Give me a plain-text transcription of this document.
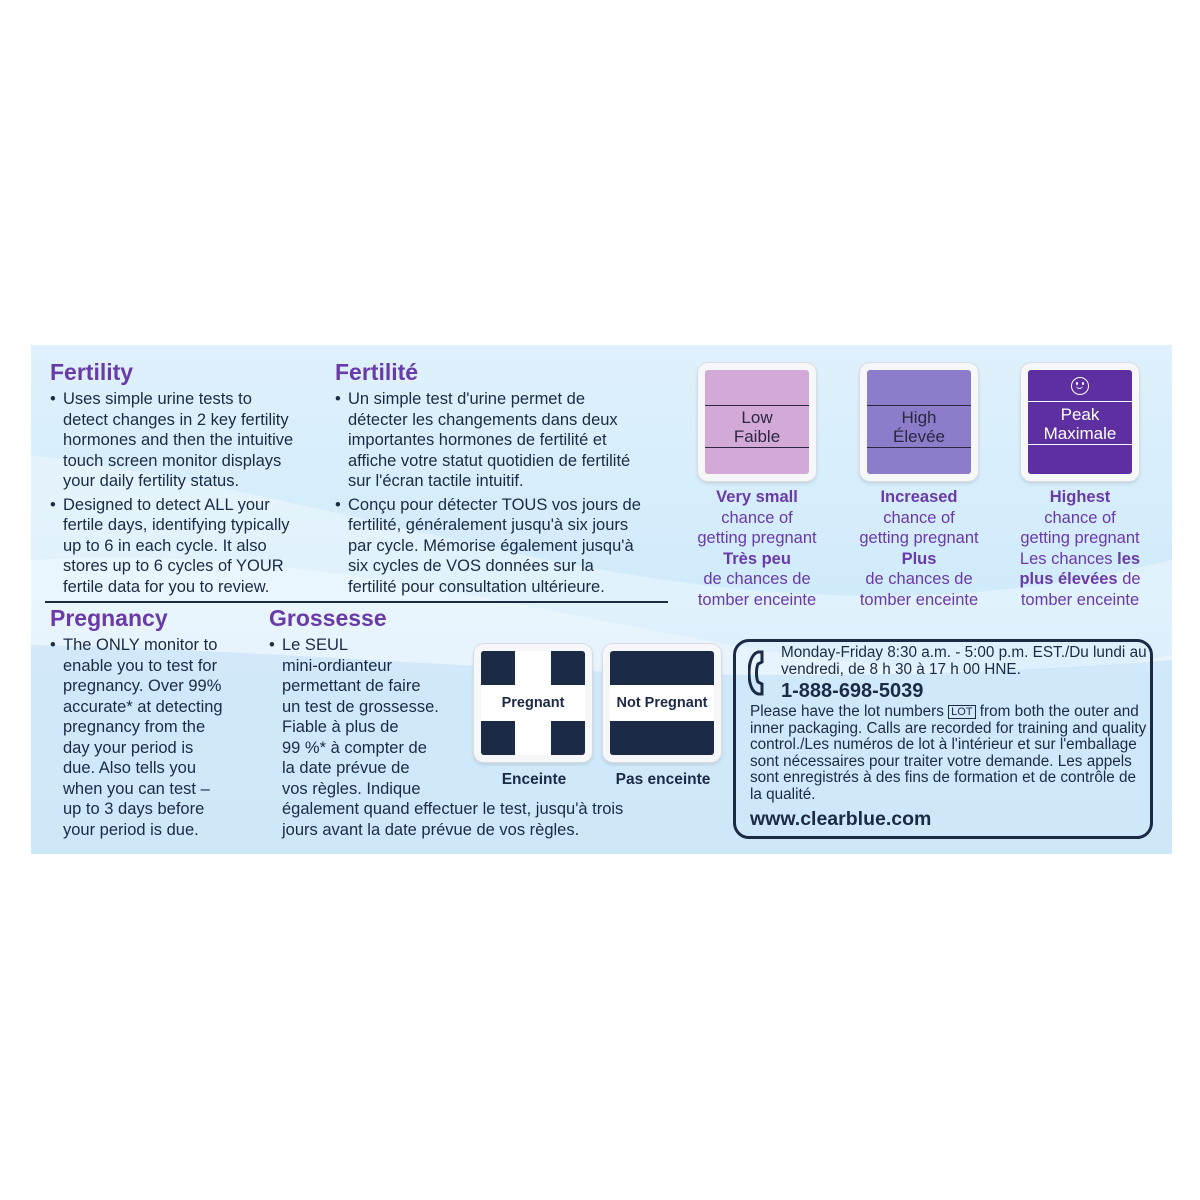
Fertility
• Uses simple urine tests to
detect changes in 2 key fertility
hormones and then the intuitive
touch screen monitor displays
your daily fertility status.
• Designed to detect ALL your
fertile days, identifying typically
up to 6 in each cycle. It also
stores up to 6 cycles of YOUR
fertile data for you to review.
Fertilité
• Un simple test d'urine permet de
détecter les changements dans deux
importantes hormones de fertilité et
affiche votre statut quotidien de fertilité
sur l'écran tactile intuitif.
• Conçu pour détecter TOUS vos jours de
fertilité, généralement jusqu'à six jours
par cycle. Mémorise également jusqu'à
six cycles de VOS données sur la
fertilité pour consultation ultérieure.
Low
Faible
Very small
chance of
getting pregnant
Très peu
de chances de
tomber enceinte
High
Élevée
Increased
chance of
getting pregnant
Plus
de chances de
tomber enceinte
Peak
Maximale
Highest
chance of
getting pregnant
Les chances les
plus élevées de
tomber enceinte
Pregnancy
• The ONLY monitor to
enable you to test for
pregnancy. Over 99%
accurate* at detecting
pregnancy from the
day your period is
due. Also tells you
when you can test –
up to 3 days before
your period is due.
Grossesse
• Le SEUL
mini-ordianteur
permettant de faire
un test de grossesse.
Fiable à plus de
99 %* à compter de
la date prévue de
vos règles. Indique
également quand effectuer le test, jusqu'à trois
jours avant la date prévue de vos règles.
Pregnant
Enceinte
Not Pregnant
Pas enceinte
Monday-Friday 8:30 a.m. - 5:00 p.m. EST./Du lundi au vendredi, de 8 h 30 à 17 h 00 HNE.
1-888-698-5039
Please have the lot numbers LOT from both the outer and inner packaging. Calls are recorded for training and quality control./Les numéros de lot à l'intérieur et sur l'emballage sont nécessaires pour traiter votre demande. Les appels sont enregistrés à des fins de formation et de contrôle de la qualité.
www.clearblue.com
